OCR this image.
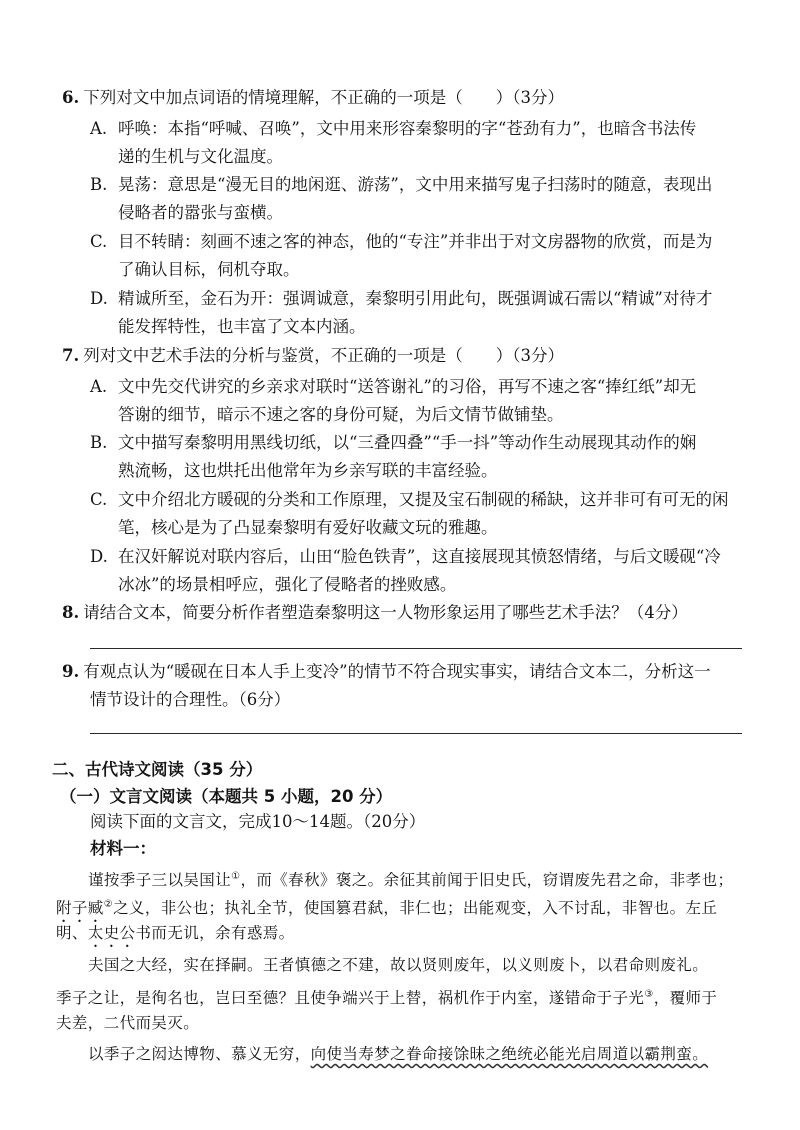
6. 下列对文中加点词语的情境理解，不正确的一项是（　　）（3分）
A. 呼唤：本指“呼喊、召唤”，文中用来形容秦黎明的字“苍劲有力”，也暗含书法传
递的生机与文化温度。
B. 晃荡：意思是“漫无目的地闲逛、游荡”，文中用来描写鬼子扫荡时的随意，表现出
侵略者的嚣张与蛮横。
C. 目不转睛：刻画不速之客的神态，他的“专注”并非出于对文房器物的欣赏，而是为
了确认目标，伺机夺取。
D. 精诚所至，金石为开：强调诚意，秦黎明引用此句，既强调诚石需以“精诚”对待才
能发挥特性，也丰富了文本内涵。
7. 列对文中艺术手法的分析与鉴赏，不正确的一项是（　　）（3分）
A. 文中先交代讲究的乡亲求对联时“送答谢礼”的习俗，再写不速之客“捧红纸”却无
答谢的细节，暗示不速之客的身份可疑，为后文情节做铺垫。
B. 文中描写秦黎明用黑线切纸，以“三叠四叠”“手一抖”等动作生动展现其动作的娴
熟流畅，这也烘托出他常年为乡亲写联的丰富经验。
C. 文中介绍北方暖砚的分类和工作原理，又提及宝石制砚的稀缺，这并非可有可无的闲
笔，核心是为了凸显秦黎明有爱好收藏文玩的雅趣。
D. 在汉奸解说对联内容后，山田“脸色铁青”，这直接展现其愤怒情绪，与后文暖砚“冷
冰冰”的场景相呼应，强化了侵略者的挫败感。
8. 请结合文本，简要分析作者塑造秦黎明这一人物形象运用了哪些艺术手法？（4分）
9. 有观点认为“暖砚在日本人手上变冷”的情节不符合现实事实，请结合文本二，分析这一
情节设计的合理性。（6分）
二、古代诗文阅读（35 分）
（一）文言文阅读（本题共 5 小题，20 分）
阅读下面的文言文，完成10～14题。（20分）
材料一：
谨按季子三以吴国让①，而《春秋》褒之。余征其前闻于旧史氏，窃谓废先君之命，非孝也；
附子臧②之义，非公也；执礼全节，使国篡君弑，非仁也；出能观变，入不讨乱，非智也。左丘
明、太史公书而无讥，余有惑焉。
夫国之大经，实在择嗣。王者慎德之不建，故以贤则废年，以义则废卜，以君命则废礼。
季子之让，是徇名也，岂曰至德？且使争端兴于上替，祸机作于内室，遂错命于子光③，覆师于
夫差，二代而吴灭。
以季子之闳达博物、慕义无穷，向使当寿梦之眷命接馀昧之绝统必能光启周道以霸荆蛮。
